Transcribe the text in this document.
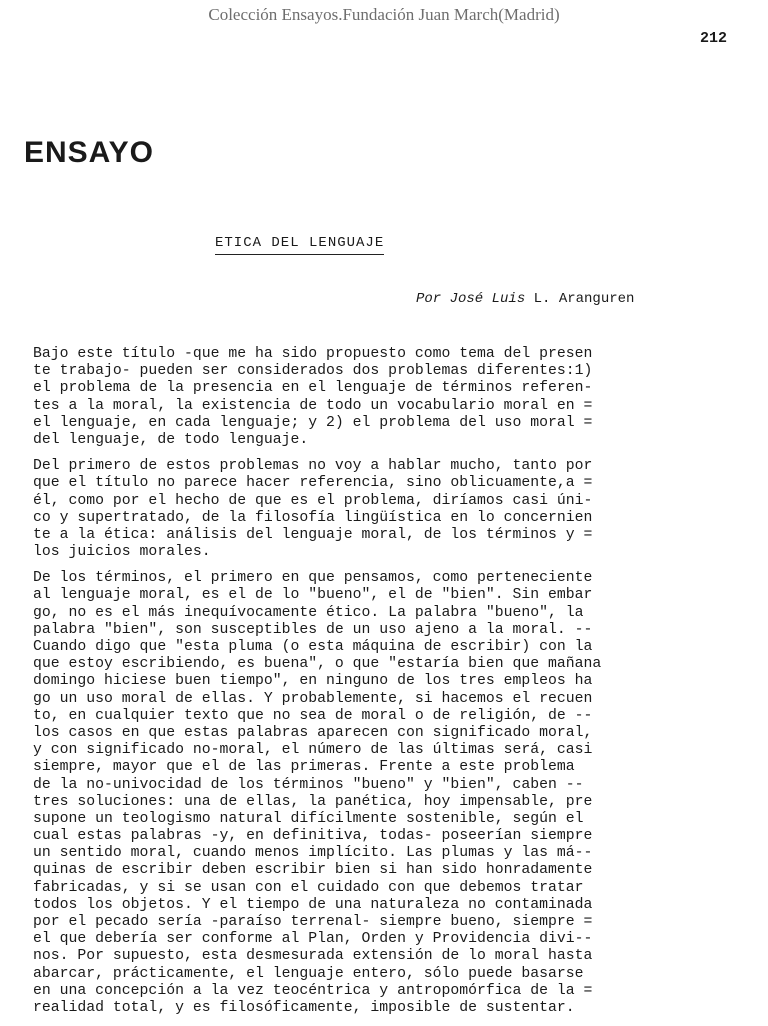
Colección Ensayos.Fundación Juan March(Madrid)
212
ENSAYO
ETICA DEL LENGUAJE
Por José Luis L. Aranguren

Bajo este título -que me ha sido propuesto como tema del presen
te trabajo- pueden ser considerados dos problemas diferentes:1)
el problema de la presencia en el lenguaje de términos referen-
tes a la moral, la existencia de todo un vocabulario moral en =
el lenguaje, en cada lenguaje; y 2) el problema del uso moral =
del lenguaje, de todo lenguaje.

Del primero de estos problemas no voy a hablar mucho, tanto por
que el título no parece hacer referencia, sino oblicuamente,a =
él, como por el hecho de que es el problema, diríamos casi úni-
co y supertratado, de la filosofía lingüística en lo concernien
te a la ética: análisis del lenguaje moral, de los términos y =
los juicios morales.

De los términos, el primero en que pensamos, como perteneciente
al lenguaje moral, es el de lo "bueno", el de "bien". Sin embar
go, no es el más inequívocamente ético. La palabra "bueno", la
palabra "bien", son susceptibles de un uso ajeno a la moral. --
Cuando digo que "esta pluma (o esta máquina de escribir) con la
que estoy escribiendo, es buena", o que "estaría bien que mañana
domingo hiciese buen tiempo", en ninguno de los tres empleos ha
go un uso moral de ellas. Y probablemente, si hacemos el recuen
to, en cualquier texto que no sea de moral o de religión, de --
los casos en que estas palabras aparecen con significado moral,
y con significado no-moral, el número de las últimas será, casi
siempre, mayor que el de las primeras. Frente a este problema
de la no-univocidad de los términos "bueno" y "bien", caben --
tres soluciones: una de ellas, la panética, hoy impensable, pre
supone un teologismo natural difícilmente sostenible, según el
cual estas palabras -y, en definitiva, todas- poseerían siempre
un sentido moral, cuando menos implícito. Las plumas y las má--
quinas de escribir deben escribir bien si han sido honradamente
fabricadas, y si se usan con el cuidado con que debemos tratar
todos los objetos. Y el tiempo de una naturaleza no contaminada
por el pecado sería -paraíso terrenal- siempre bueno, siempre =
el que debería ser conforme al Plan, Orden y Providencia divi--
nos. Por supuesto, esta desmesurada extensión de lo moral hasta
abarcar, prácticamente, el lenguaje entero, sólo puede basarse
en una concepción a la vez teocéntrica y antropomórfica de la =
realidad total, y es filosóficamente, imposible de sustentar.
